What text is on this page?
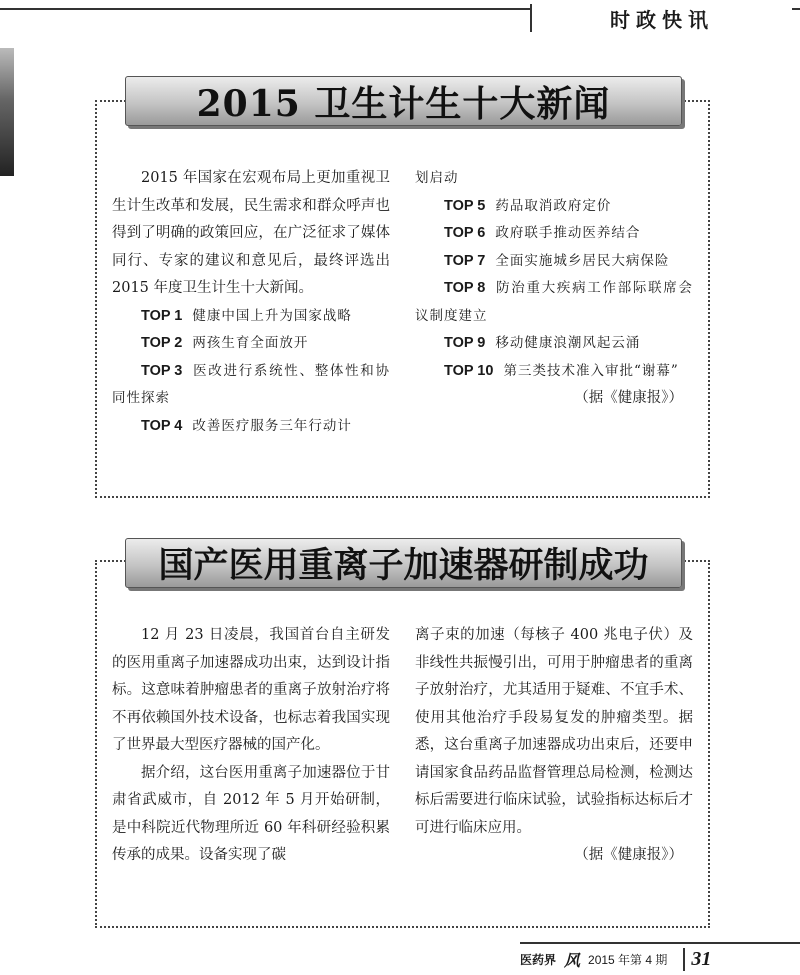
时政快讯
2015 卫生计生十大新闻

2015 年国家在宏观布局上更加重视卫生计生改革和发展，民生需求和群众呼声也得到了明确的政策回应，在广泛征求了媒体同行、专家的建议和意见后，最终评选出 2015 年度卫生计生十大新闻。

TOP 1 健康中国上升为国家战略
TOP 2 两孩生育全面放开
TOP 3 医改进行系统性、整体性和协同性探索
TOP 4 改善医疗服务三年行动计
划启动
TOP 5 药品取消政府定价
TOP 6 政府联手推动医养结合
TOP 7 全面实施城乡居民大病保险
TOP 8 防治重大疾病工作部际联席会议制度建立
TOP 9 移动健康浪潮风起云涌
TOP 10 第三类技术准入审批“谢幕”

（据《健康报》）

国产医用重离子加速器研制成功

12 月 23 日凌晨，我国首台自主研发的医用重离子加速器成功出束，达到设计指标。这意味着肿瘤患者的重离子放射治疗将不再依赖国外技术设备，也标志着我国实现了世界最大型医疗器械的国产化。

据介绍，这台医用重离子加速器位于甘肃省武威市，自 2012 年 5 月开始研制，是中科院近代物理所近 60 年科研经验积累传承的成果。设备实现了碳

离子束的加速（每核子 400 兆电子伏）及非线性共振慢引出，可用于肿瘤患者的重离子放射治疗，尤其适用于疑难、不宜手术、使用其他治疗手段易复发的肿瘤类型。据悉，这台重离子加速器成功出束后，还要申请国家食品药品监督管理总局检测，检测达标后需要进行临床试验，试验指标达标后才可进行临床应用。

（据《健康报》）

医药界 风 2015 年第 4 期	31
